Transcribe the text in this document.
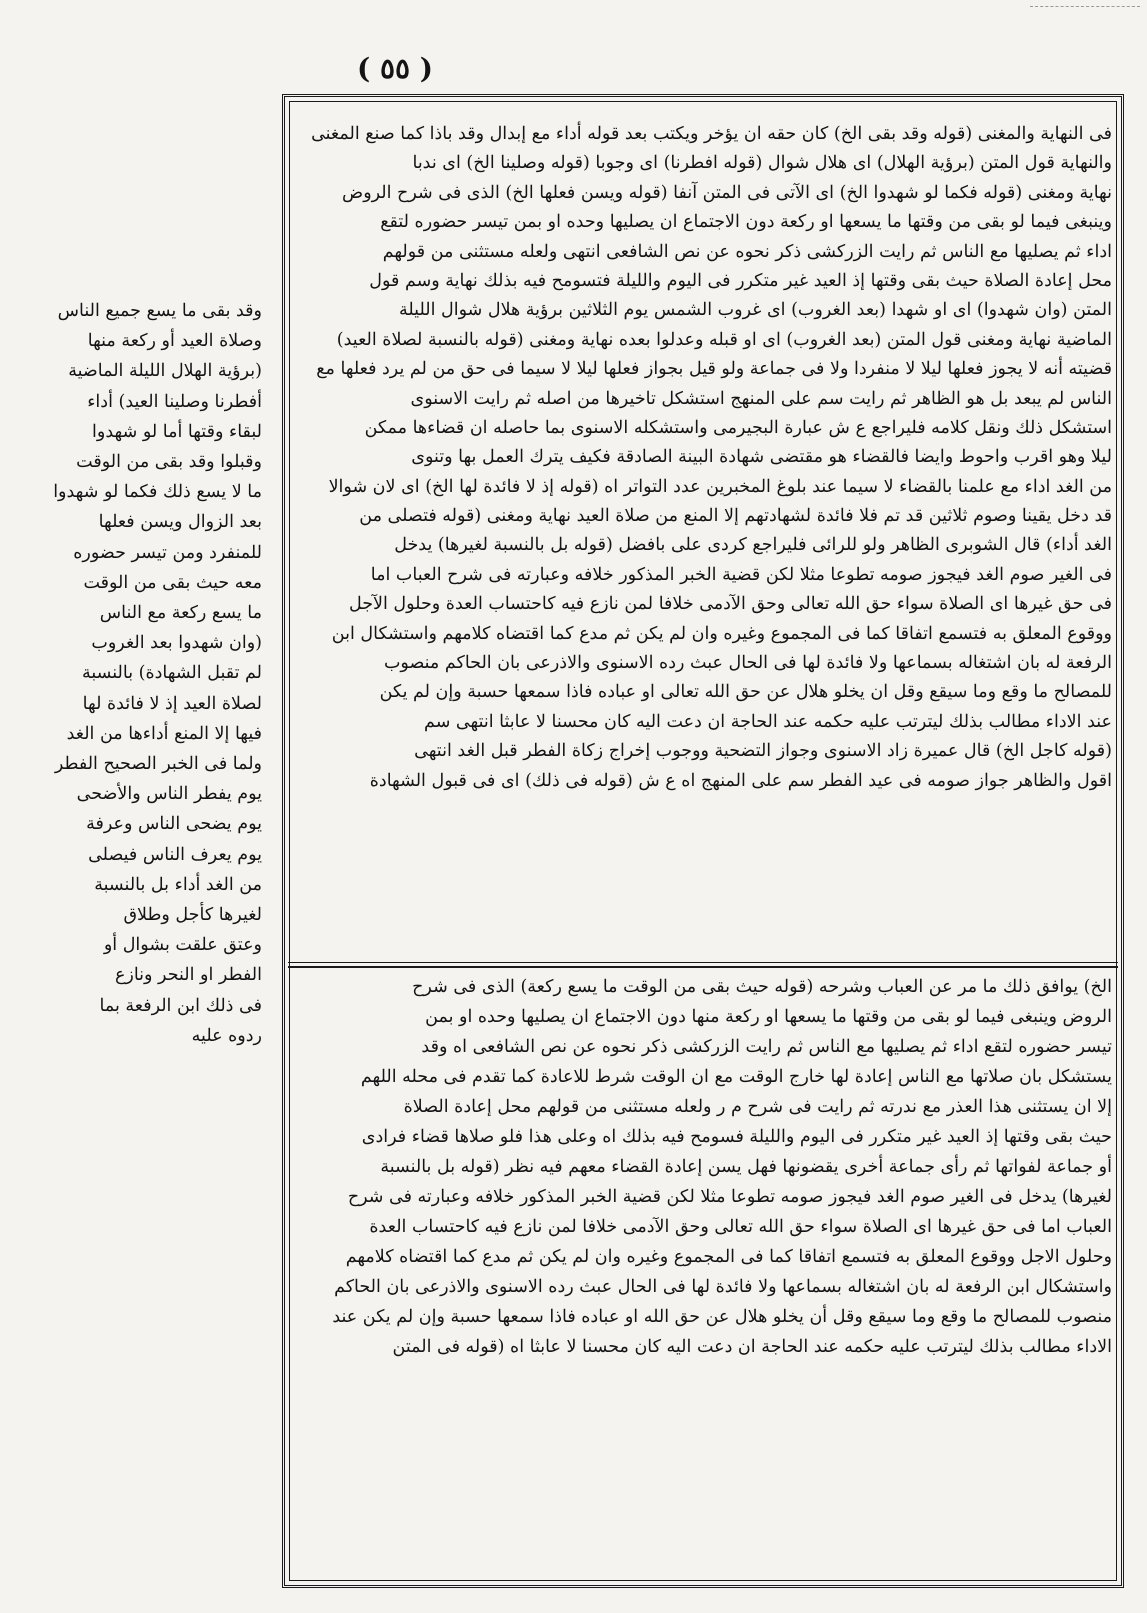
( ٥٥ )
فى النهاية والمغنى (قوله وقد بقى الخ) كان حقه ان يؤخر ويكتب بعد قوله أداء مع إبدال وقد باذا كما صنع المغنى
والنهاية قول المتن (برؤية الهلال) اى هلال شوال (قوله افطرنا) اى وجوبا (قوله وصلينا الخ) اى ندبا
نهاية ومغنى (قوله فكما لو شهدوا الخ) اى الآتى فى المتن آنفا (قوله ويسن فعلها الخ) الذى فى شرح الروض
وينبغى فيما لو بقى من وقتها ما يسعها او ركعة دون الاجتماع ان يصليها وحده او بمن تيسر حضوره لتقع
اداء ثم يصليها مع الناس ثم رايت الزركشى ذكر نحوه عن نص الشافعى انتهى ولعله مستثنى من قولهم
محل إعادة الصلاة حيث بقى وقتها إذ العيد غير متكرر فى اليوم والليلة فتسومح فيه بذلك نهاية وسم قول
المتن (وان شهدوا) اى او شهدا (بعد الغروب) اى غروب الشمس يوم الثلاثين برؤية هلال شوال الليلة
الماضية نهاية ومغنى قول المتن (بعد الغروب) اى او قبله وعدلوا بعده نهاية ومغنى (قوله بالنسبة لصلاة العيد)
قضيته أنه لا يجوز فعلها ليلا لا منفردا ولا فى جماعة ولو قيل بجواز فعلها ليلا لا سيما فى حق من لم يرد فعلها مع
الناس لم يبعد بل هو الظاهر ثم رايت سم على المنهج استشكل تاخيرها من اصله ثم رايت الاسنوى
استشكل ذلك ونقل كلامه فليراجع ع ش عبارة البجيرمى واستشكله الاسنوى بما حاصله ان قضاءها ممكن
ليلا وهو اقرب واحوط وايضا فالقضاء هو مقتضى شهادة البينة الصادقة فكيف يترك العمل بها وتنوى
من الغد اداء مع علمنا بالقضاء لا سيما عند بلوغ المخبرين عدد التواتر اه (قوله إذ لا فائدة لها الخ) اى لان شوالا
قد دخل يقينا وصوم ثلاثين قد تم فلا فائدة لشهادتهم إلا المنع من صلاة العيد نهاية ومغنى (قوله فتصلى من
الغد أداء) قال الشوبرى الظاهر ولو للرائى فليراجع كردى على بافضل (قوله بل بالنسبة لغيرها) يدخل
فى الغير صوم الغد فيجوز صومه تطوعا مثلا لكن قضية الخبر المذكور خلافه وعبارته فى شرح العباب اما
فى حق غيرها اى الصلاة سواء حق الله تعالى وحق الآدمى خلافا لمن نازع فيه كاحتساب العدة وحلول الآجل
ووقوع المعلق به فتسمع اتفاقا كما فى المجموع وغيره وان لم يكن ثم مدع كما اقتضاه كلامهم واستشكال ابن
الرفعة له بان اشتغاله بسماعها ولا فائدة لها فى الحال عبث رده الاسنوى والاذرعى بان الحاكم منصوب
للمصالح ما وقع وما سيقع وقل ان يخلو هلال عن حق الله تعالى او عباده فاذا سمعها حسبة وإن لم يكن
عند الاداء مطالب بذلك ليترتب عليه حكمه عند الحاجة ان دعت اليه كان محسنا لا عابثا انتهى سم
(قوله كاجل الخ) قال عميرة زاد الاسنوى وجواز التضحية ووجوب إخراج زكاة الفطر قبل الغد انتهى
اقول والظاهر جواز صومه فى عيد الفطر سم على المنهج اه ع ش (قوله فى ذلك) اى فى قبول الشهادة
الخ) يوافق ذلك ما مر عن العباب وشرحه (قوله حيث بقى من الوقت ما يسع ركعة) الذى فى شرح
الروض وينبغى فيما لو بقى من وقتها ما يسعها او ركعة منها دون الاجتماع ان يصليها وحده او بمن
تيسر حضوره لتقع اداء ثم يصليها مع الناس ثم رايت الزركشى ذكر نحوه عن نص الشافعى اه وقد
يستشكل بان صلاتها مع الناس إعادة لها خارج الوقت مع ان الوقت شرط للاعادة كما تقدم فى محله اللهم
إلا ان يستثنى هذا العذر مع ندرته ثم رايت فى شرح م ر ولعله مستثنى من قولهم محل إعادة الصلاة
حيث بقى وقتها إذ العيد غير متكرر فى اليوم والليلة فسومح فيه بذلك اه وعلى هذا فلو صلاها قضاء فرادى
أو جماعة لفواتها ثم رأى جماعة أخرى يقضونها فهل يسن إعادة القضاء معهم فيه نظر (قوله بل بالنسبة
لغيرها) يدخل فى الغير صوم الغد فيجوز صومه تطوعا مثلا لكن قضية الخبر المذكور خلافه وعبارته فى شرح
العباب اما فى حق غيرها اى الصلاة سواء حق الله تعالى وحق الآدمى خلافا لمن نازع فيه كاحتساب العدة
وحلول الاجل ووقوع المعلق به فتسمع اتفاقا كما فى المجموع وغيره وان لم يكن ثم مدع كما اقتضاه كلامهم
واستشكال ابن الرفعة له بان اشتغاله بسماعها ولا فائدة لها فى الحال عبث رده الاسنوى والاذرعى بان الحاكم
منصوب للمصالح ما وقع وما سيقع وقل أن يخلو هلال عن حق الله او عباده فاذا سمعها حسبة وإن لم يكن عند
الاداء مطالب بذلك ليترتب عليه حكمه عند الحاجة ان دعت اليه كان محسنا لا عابثا اه (قوله فى المتن
وقد بقى ما يسع جميع الناس
وصلاة العيد أو ركعة منها
(برؤية الهلال الليلة الماضية
أفطرنا وصلينا العيد) أداء
لبقاء وقتها أما لو شهدوا
وقبلوا وقد بقى من الوقت
ما لا يسع ذلك فكما لو شهدوا
بعد الزوال ويسن فعلها
للمنفرد ومن تيسر حضوره
معه حيث بقى من الوقت
ما يسع ركعة مع الناس
(وان شهدوا بعد الغروب
لم تقبل الشهادة) بالنسبة
لصلاة العيد إذ لا فائدة لها
فيها إلا المنع أداءها من الغد
ولما فى الخبر الصحيح الفطر
يوم يفطر الناس والأضحى
يوم يضحى الناس وعرفة
يوم يعرف الناس فيصلى
من الغد أداء بل بالنسبة
لغيرها كأجل وطلاق
وعتق علقت بشوال أو
الفطر او النحر ونازع
فى ذلك ابن الرفعة بما
ردوه عليه
